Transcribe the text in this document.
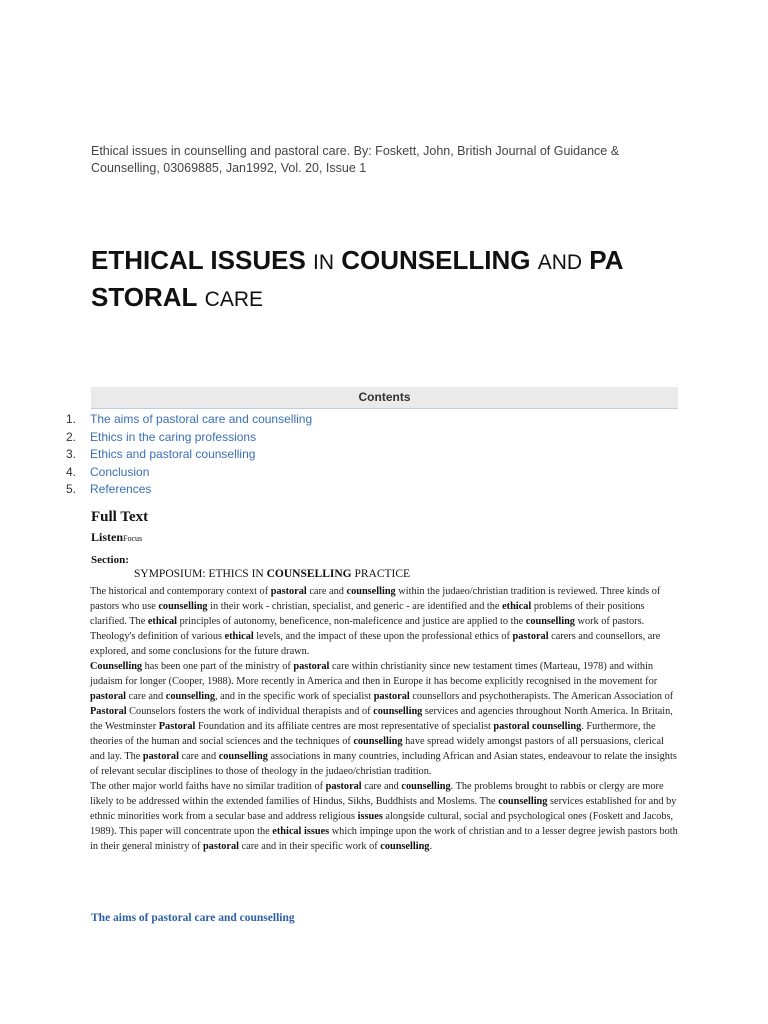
Ethical issues in counselling and pastoral care. By: Foskett, John, British Journal of Guidance & Counselling, 03069885, Jan1992, Vol. 20, Issue 1
ETHICAL ISSUES IN COUNSELLING AND PA STORAL CARE
Contents
1.	The aims of pastoral care and counselling
2.	Ethics in the caring professions
3.	Ethics and pastoral counselling
4.	Conclusion
5.	References
Full Text
ListenFocus
Section:
SYMPOSIUM: ETHICS IN COUNSELLING PRACTICE

The historical and contemporary context of pastoral care and counselling within the judaeo/christian tradition is reviewed. Three kinds of pastors who use counselling in their work - christian, specialist, and generic - are identified and the ethical problems of their positions clarified. The ethical principles of autonomy, beneficence, non-maleficence and justice are applied to the counselling work of pastors. Theology's definition of various ethical levels, and the impact of these upon the professional ethics of pastoral carers and counsellors, are explored, and some conclusions for the future drawn.

Counselling has been one part of the ministry of pastoral care within christianity since new testament times (Marteau, 1978) and within judaism for longer (Cooper, 1988). More recently in America and then in Europe it has become explicitly recognised in the movement for pastoral care and counselling, and in the specific work of specialist pastoral counsellors and psychotherapists. The American Association of Pastoral Counselors fosters the work of individual therapists and of counselling services and agencies throughout North America. In Britain, the Westminster Pastoral Foundation and its affiliate centres are most representative of specialist pastoral counselling. Furthermore, the theories of the human and social sciences and the techniques of counselling have spread widely amongst pastors of all persuasions, clerical and lay. The pastoral care and counselling associations in many countries, including African and Asian states, endeavour to relate the insights of relevant secular disciplines to those of theology in the judaeo/christian tradition.

The other major world faiths have no similar tradition of pastoral care and counselling. The problems brought to rabbis or clergy are more likely to be addressed within the extended families of Hindus, Sikhs, Buddhists and Moslems. The counselling services established for and by ethnic minorities work from a secular base and address religious issues alongside cultural, social and psychological ones (Foskett and Jacobs, 1989). This paper will concentrate upon the ethical issues which impinge upon the work of christian and to a lesser degree jewish pastors both in their general ministry of pastoral care and in their specific work of counselling.

The aims of pastoral care and counselling
